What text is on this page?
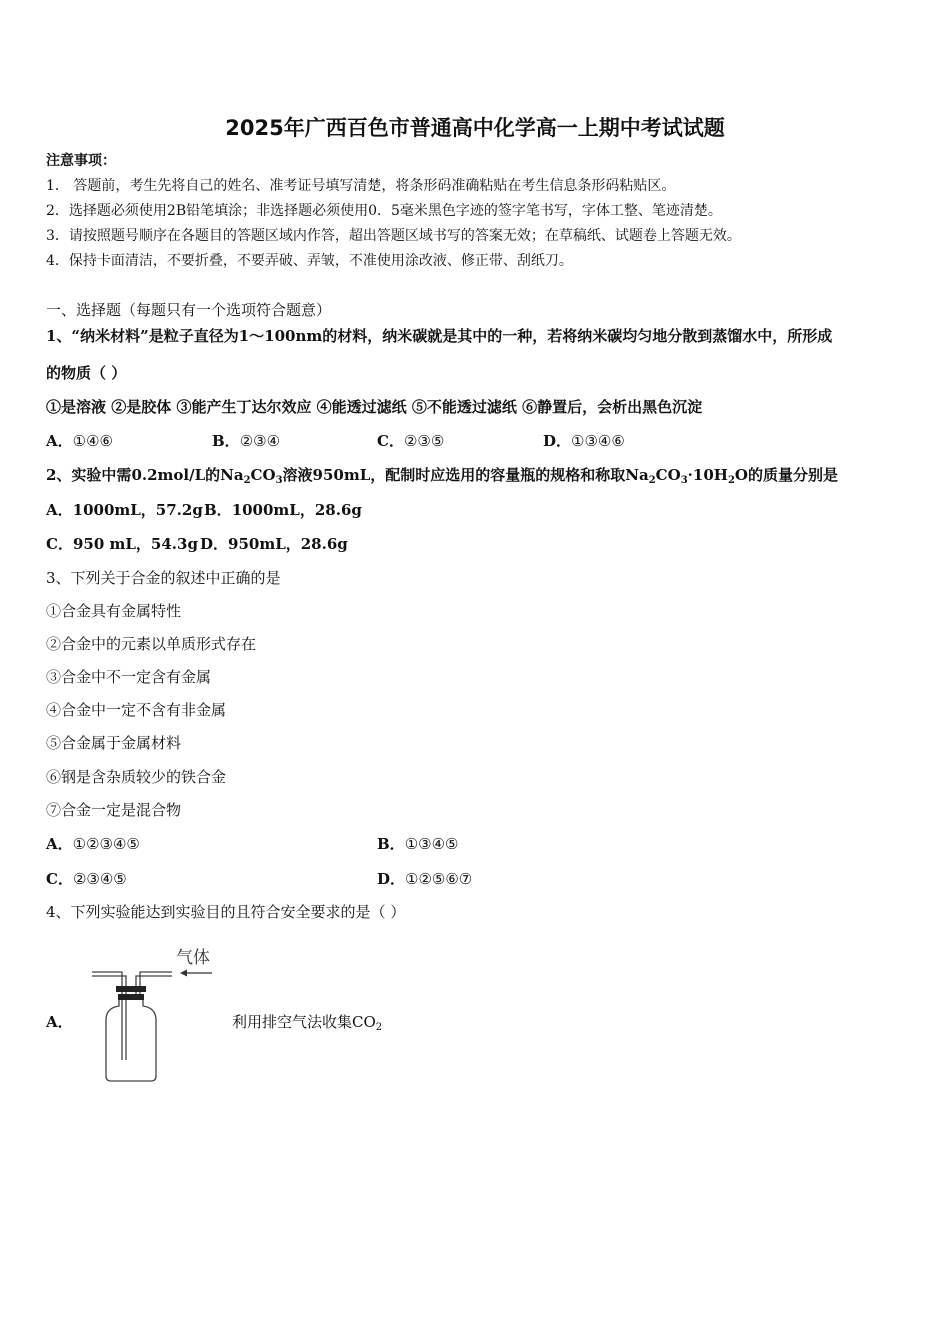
2025年广西百色市普通高中化学高一上期中考试试题
注意事项：
1． 答题前，考生先将自己的姓名、准考证号填写清楚，将条形码准确粘贴在考生信息条形码粘贴区。
2．选择题必须使用2B铅笔填涂；非选择题必须使用0．5毫米黑色字迹的签字笔书写，字体工整、笔迹清楚。
3．请按照题号顺序在各题目的答题区域内作答，超出答题区域书写的答案无效；在草稿纸、试题卷上答题无效。
4．保持卡面清洁，不要折叠，不要弄破、弄皱，不准使用涂改液、修正带、刮纸刀。
一、选择题（每题只有一个选项符合题意）
1、“纳米材料”是粒子直径为1～100nm的材料，纳米碳就是其中的一种，若将纳米碳均匀地分散到蒸馏水中，所形成
的物质（ ）
①是溶液 ②是胶体 ③能产生丁达尔效应 ④能透过滤纸 ⑤不能透过滤纸 ⑥静置后，会析出黑色沉淀
A．①④⑥	B．②③④	C．②③⑤	D．①③④⑥
2、实验中需0.2mol/L的$Na_2CO_3$溶液950mL，配制时应选用的容量瓶的规格和称取$Na_2CO_3\cdot 10H_2O$的质量分别是
A．1000mL，57.2g B．1000mL，28.6g
C．950 mL，54.3g D．950mL，28.6g
3、下列关于合金的叙述中正确的是
①合金具有金属特性
②合金中的元素以单质形式存在
③合金中不一定含有金属
④合金中一定不含有非金属
⑤合金属于金属材料
⑥钢是含杂质较少的铁合金
⑦合金一定是混合物
A．①②③④⑤	B．①③④⑤
C．②③④⑤	D．①②⑤⑥⑦
4、下列实验能达到实验目的且符合安全要求的是（ ）
A．
气体
利用排空气法收集$CO_2$
